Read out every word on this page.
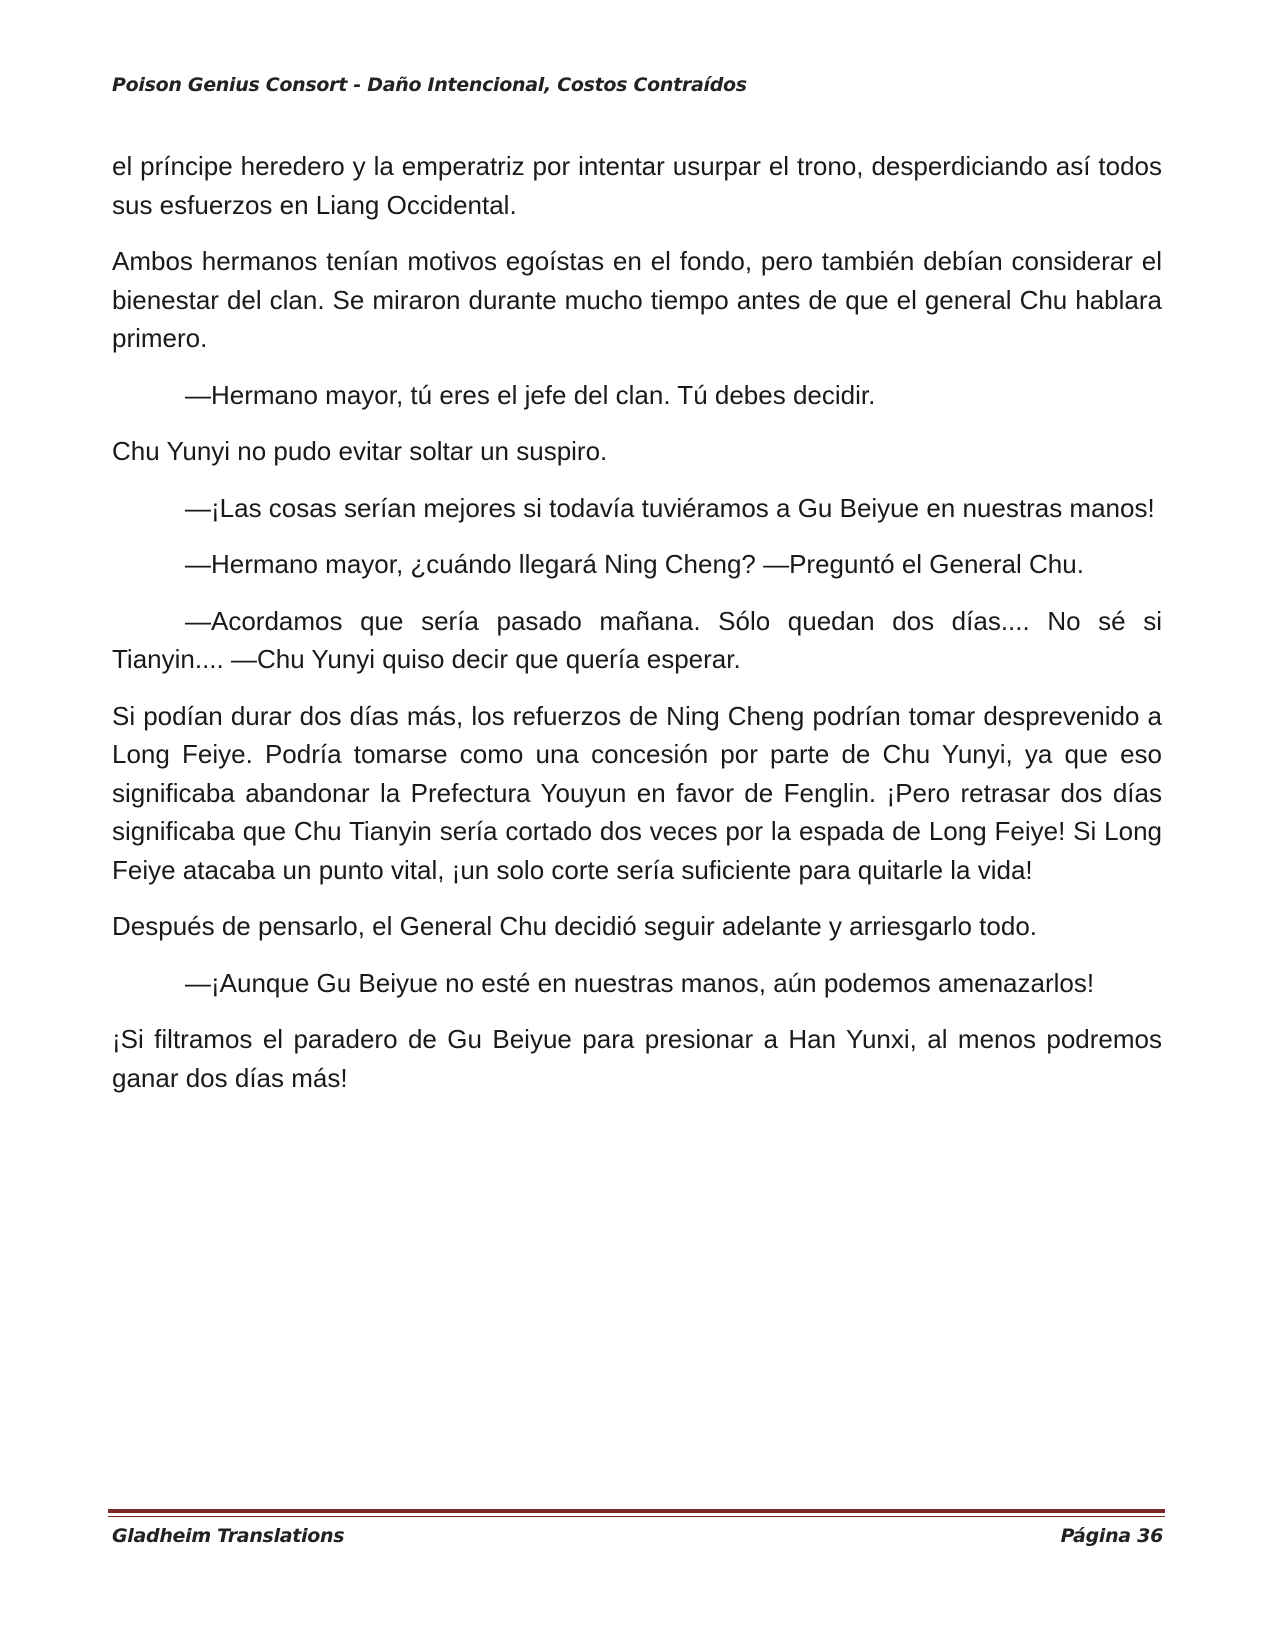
Poison Genius Consort - Daño Intencional, Costos Contraídos

el príncipe heredero y la emperatriz por intentar usurpar el trono, desperdiciando así todos sus esfuerzos en Liang Occidental.

Ambos hermanos tenían motivos egoístas en el fondo, pero también debían considerar el bienestar del clan. Se miraron durante mucho tiempo antes de que el general Chu hablara primero.

—Hermano mayor, tú eres el jefe del clan. Tú debes decidir.

Chu Yunyi no pudo evitar soltar un suspiro.

—¡Las cosas serían mejores si todavía tuviéramos a Gu Beiyue en nuestras manos!

—Hermano mayor, ¿cuándo llegará Ning Cheng? —Preguntó el General Chu.

—Acordamos que sería pasado mañana. Sólo quedan dos días.... No sé si Tianyin.... —Chu Yunyi quiso decir que quería esperar.

Si podían durar dos días más, los refuerzos de Ning Cheng podrían tomar desprevenido a Long Feiye. Podría tomarse como una concesión por parte de Chu Yunyi, ya que eso significaba abandonar la Prefectura Youyun en favor de Fenglin. ¡Pero retrasar dos días significaba que Chu Tianyin sería cortado dos veces por la espada de Long Feiye! Si Long Feiye atacaba un punto vital, ¡un solo corte sería suficiente para quitarle la vida!

Después de pensarlo, el General Chu decidió seguir adelante y arriesgarlo todo.

—¡Aunque Gu Beiyue no esté en nuestras manos, aún podemos amenazarlos!

¡Si filtramos el paradero de Gu Beiyue para presionar a Han Yunxi, al menos podremos ganar dos días más!

Gladheim Translations	Página 36
